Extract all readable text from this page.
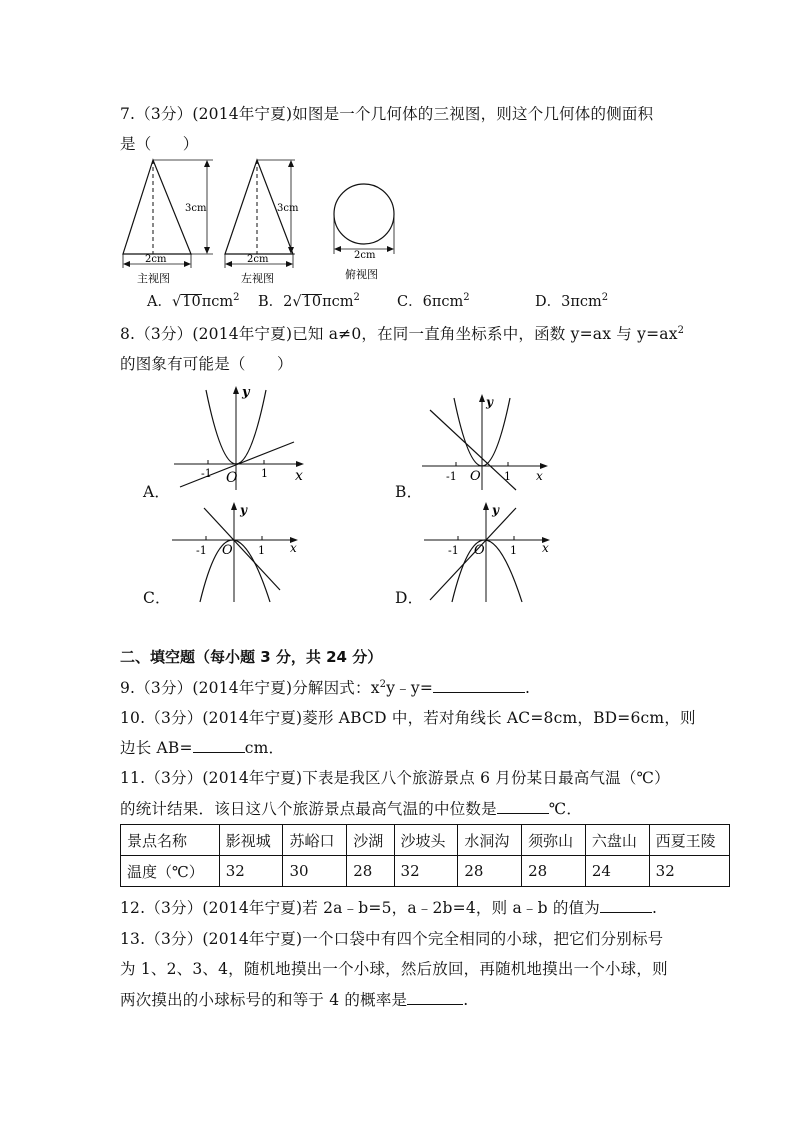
7.（3分）(2014年宁夏)如图是一个几何体的三视图，则这个几何体的侧面积
是（　　）
3cm
2cm
主视图
3cm
2cm
左视图
2cm
俯视图
A．√10πcm$^2$ B．2√10πcm$^2$	C．6πcm$^2$	D．3πcm$^2$
8.（3分）(2014年宁夏)已知 a≠0，在同一直角坐标系中，函数 y=ax 与 $y=ax^2$
的图象有可能是（　　）
x
y
O
-1	1
A．
x
y
O
-1	1
B．
x
y
O
-1	1
C．
x
y
O
-1	1
D．
二、填空题（每小题 3 分，共 24 分）
9.（3分）(2014年宁夏)分解因式：$x^2y﹣y=$	.
10.（3分）(2014年宁夏)菱形 ABCD 中，若对角线长 AC=8cm，BD=6cm，则
边长 AB=	cm．
11.（3分）(2014年宁夏)下表是我区八个旅游景点 6 月份某日最高气温（℃）
的统计结果．该日这八个旅游景点最高气温的中位数是	℃．
景点名称	影视城	苏峪口	沙湖	沙坡头	水洞沟	须弥山	六盘山	西夏王陵
温度（℃）	32	30	28	32	28	28	24	32
12.（3分）(2014年宁夏)若 2a﹣b=5，a﹣2b=4，则 a﹣b 的值为	.
13.（3分）(2014年宁夏)一个口袋中有四个完全相同的小球，把它们分别标号
为 1、2、3、4，随机地摸出一个小球，然后放回，再随机地摸出一个小球，则
两次摸出的小球标号的和等于 4 的概率是	.
